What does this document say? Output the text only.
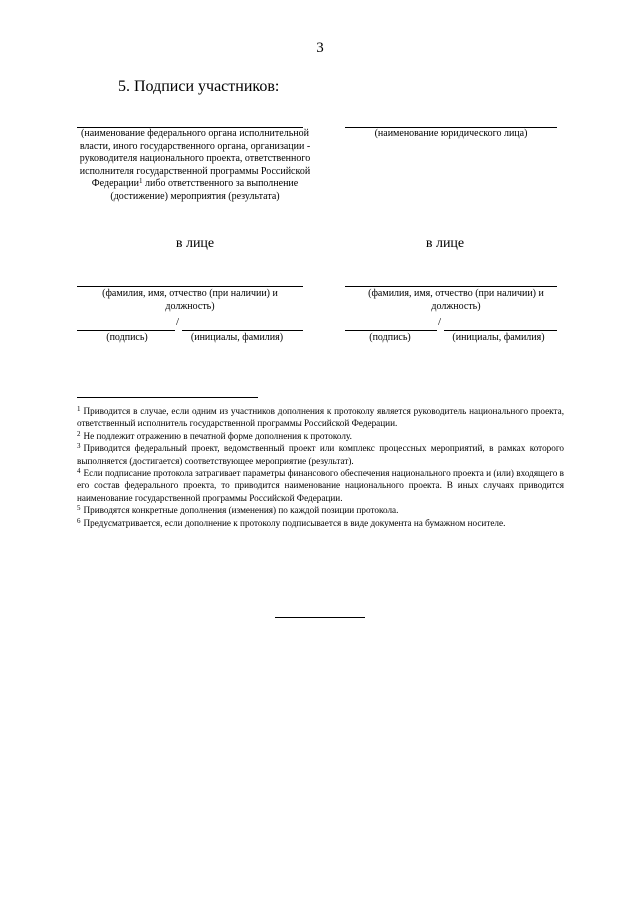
3
5. Подписи участников:
(наименование федерального органа исполнительной власти, иного государственного органа, организации - руководителя национального проекта, ответственного исполнителя государственной программы Российской Федерации$^1$ либо ответственного за выполнение (достижение) мероприятия (результата)
в лице
(фамилия, имя, отчество (при наличии) и должность)
/
(подпись)	(инициалы, фамилия)
(наименование юридического лица)
в лице
(фамилия, имя, отчество (при наличии) и должность)
/
(подпись)	(инициалы, фамилия)

$^1$ Приводится в случае, если одним из участников дополнения к протоколу является руководитель национального проекта, ответственный исполнитель государственной программы Российской Федерации.

$^2$ Не подлежит отражению в печатной форме дополнения к протоколу.

$^3$ Приводится федеральный проект, ведомственный проект или комплекс процессных мероприятий, в рамках которого выполняется (достигается) соответствующее мероприятие (результат).

$^4$ Если подписание протокола затрагивает параметры финансового обеспечения национального проекта и (или) входящего в его состав федерального проекта, то приводится наименование национального проекта. В иных случаях приводится наименование государственной программы Российской Федерации.

$^5$ Приводятся конкретные дополнения (изменения) по каждой позиции протокола.

$^6$ Предусматривается, если дополнение к протоколу подписывается в виде документа на бумажном носителе.
